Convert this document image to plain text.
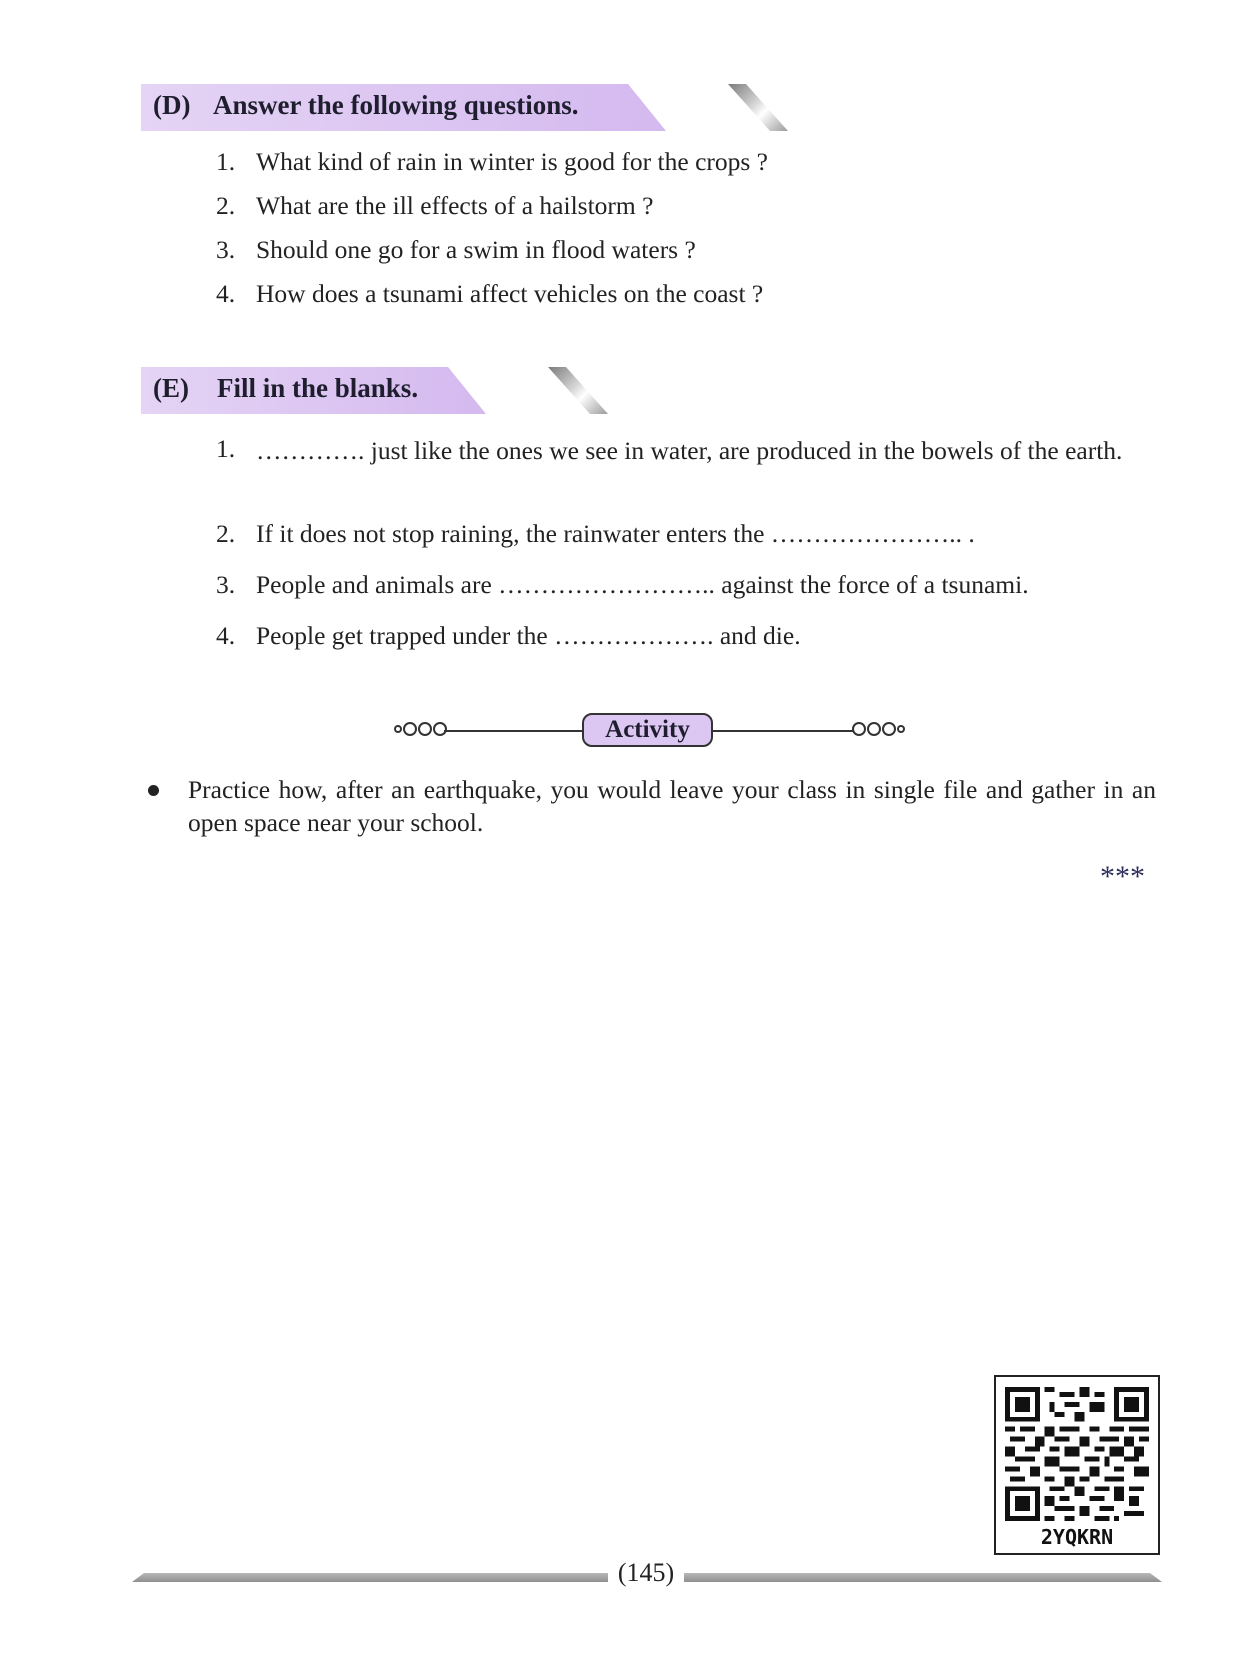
(D) Answer the following questions.
1. What kind of rain in winter is good for the crops ?
2. What are the ill effects of a hailstorm ?
3. Should one go for a swim in flood waters ?
4. How does a tsunami affect vehicles on the coast ?
(E) Fill in the blanks.
1. …………. just like the ones we see in water, are produced in the bowels of the earth.
2. If it does not stop raining, the rainwater enters the ………………….. .
3. People and animals are …………………….. against the force of a tsunami.
4. People get trapped under the ………………. and die.
Activity
Practice how, after an earthquake, you would leave your class in single file and gather in an open space near your school.
***
2YQKRN
(145)
